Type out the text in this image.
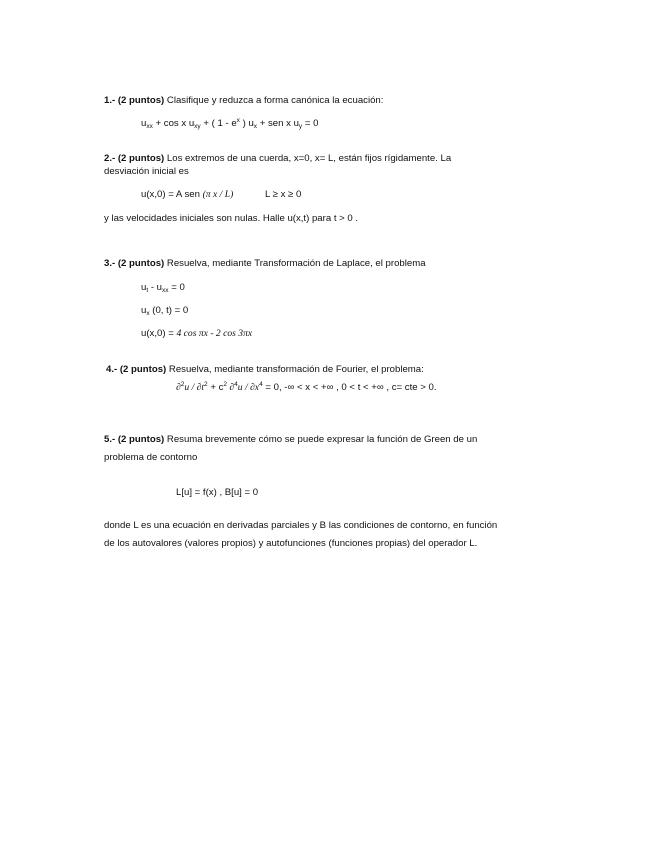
1.- (2 puntos) Clasifique y reduzca a forma canónica la ecuación:
$u_{xx} + \cos x$ $u_{xy}$ + ( $1 - e^x$ ) $u_x$ + sen x $u_y = 0$
2.- (2 puntos) Los extremos de una cuerda, x=0, x= L, están fijos rígidamente. La
desviación inicial es
u(x,0) = A sen (π x / L)	L ≥ x ≥ 0
y las velocidades iniciales son nulas. Halle u(x,t) para t > 0 .
3.- (2 puntos) Resuelva, mediante Transformación de Laplace, el problema
$u_t - u_{xx} = 0$
$u_x$ (0, t) = 0
u(x,0) = 4 cos πx - 2 cos 3πx
4.- (2 puntos) Resuelva, mediante transformación de Fourier, el problema:
$\partial^2u / \partial t^2 + c^2$ $\partial^4u / \partial x^4 = 0$, -∞ < x < +∞ , 0 < t < +∞ , c= cte > 0.
5.- (2 puntos) Resuma brevemente cómo se puede expresar la función de Green de un
problema de contorno
L[u] = f(x) , B[u] = 0
donde L es una ecuación en derivadas parciales y B las condiciones de contorno, en función
de los autovalores (valores propios) y autofunciones (funciones propias) del operador L.
